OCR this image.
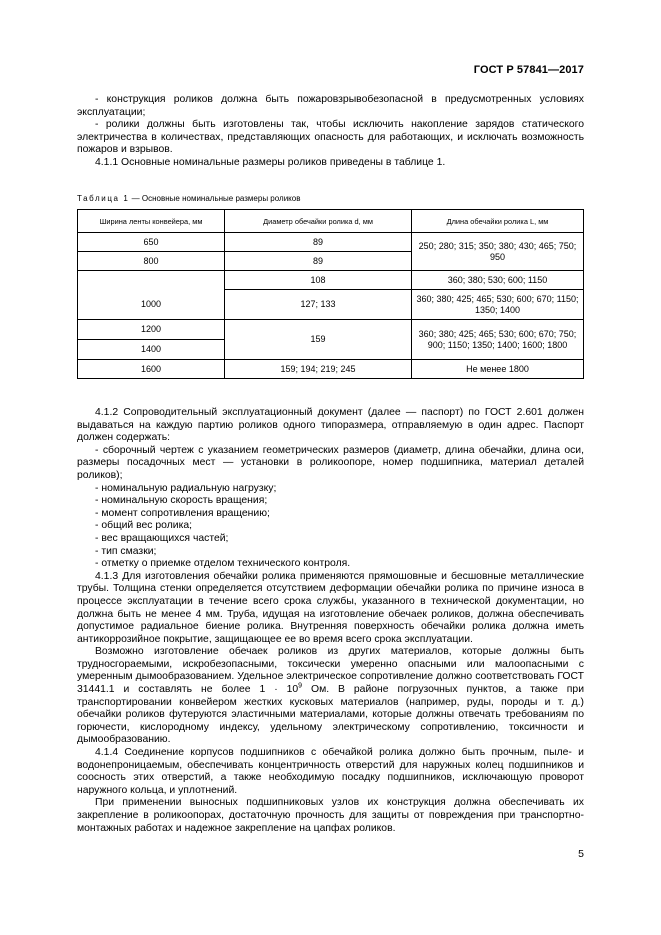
ГОСТ Р 57841—2017

- конструкция роликов должна быть пожаровзрывобезопасной в предусмотренных условиях эксплуатации;

- ролики должны быть изготовлены так, чтобы исключить накопление зарядов статического электричества в количествах, представляющих опасность для работающих, и исключать возможность пожаров и взрывов.

4.1.1 Основные номинальные размеры роликов приведены в таблице 1.

Таблица 1 — Основные номинальные размеры роликов
Ширина ленты конвейера, мм	Диаметр обечайки ролика d, мм	Длина обечайки ролика L, мм
650	89	250; 280; 315; 350; 380; 430; 465; 750; 950
800	89	
	108	360; 380; 530; 600; 1150
1000	127; 133	360; 380; 425; 465; 530; 600; 670; 1150; 1350; 1400
1200	159	360; 380; 425; 465; 530; 600; 670; 750; 900; 1150; 1350; 1400; 1600; 1800
1400		
1600	159; 194; 219; 245	Не менее 1800

4.1.2 Сопроводительный эксплуатационный документ (далее — паспорт) по ГОСТ 2.601 должен выдаваться на каждую партию роликов одного типоразмера, отправляемую в один адрес. Паспорт должен содержать:

- сборочный чертеж с указанием геометрических размеров (диаметр, длина обечайки, длина оси, размеры посадочных мест — установки в роликоопоре, номер подшипника, материал деталей роликов);

- номинальную радиальную нагрузку;

- номинальную скорость вращения;

- момент сопротивления вращению;

- общий вес ролика;

- вес вращающихся частей;

- тип смазки;

- отметку о приемке отделом технического контроля.

4.1.3 Для изготовления обечайки ролика применяются прямошовные и бесшовные металлические трубы. Толщина стенки определяется отсутствием деформации обечайки ролика по причине износа в процессе эксплуатации в течение всего срока службы, указанного в технической документации, но должна быть не менее 4 мм. Труба, идущая на изготовление обечаек роликов, должна обеспечивать допустимое радиальное биение ролика. Внутренняя поверхность обечайки ролика должна иметь антикоррозийное покрытие, защищающее ее во время всего срока эксплуатации.

Возможно изготовление обечаек роликов из других материалов, которые должны быть трудносгораемыми, искробезопасными, токсически умеренно опасными или малоопасными с умеренным дымообразованием. Удельное электрическое сопротивление должно соответствовать ГОСТ 31441.1 и составлять не более $1 \cdot 10^9$ Ом. В районе погрузочных пунктов, а также при транспортировании конвейером жестких кусковых материалов (например, руды, породы и т. д.) обечайки роликов футеруются эластичными материалами, которые должны отвечать требованиям по горючести, кислородному индексу, удельному электрическому сопротивлению, токсичности и дымообразованию.

4.1.4 Соединение корпусов подшипников с обечайкой ролика должно быть прочным, пыле- и водонепроницаемым, обеспечивать концентричность отверстий для наружных колец подшипников и соосность этих отверстий, а также необходимую посадку подшипников, исключающую проворот наружного кольца, и уплотнений.

При применении выносных подшипниковых узлов их конструкция должна обеспечивать их закрепление в роликоопорах, достаточную прочность для защиты от повреждения при транспортно-монтажных работах и надежное закрепление на цапфах роликов.

5
